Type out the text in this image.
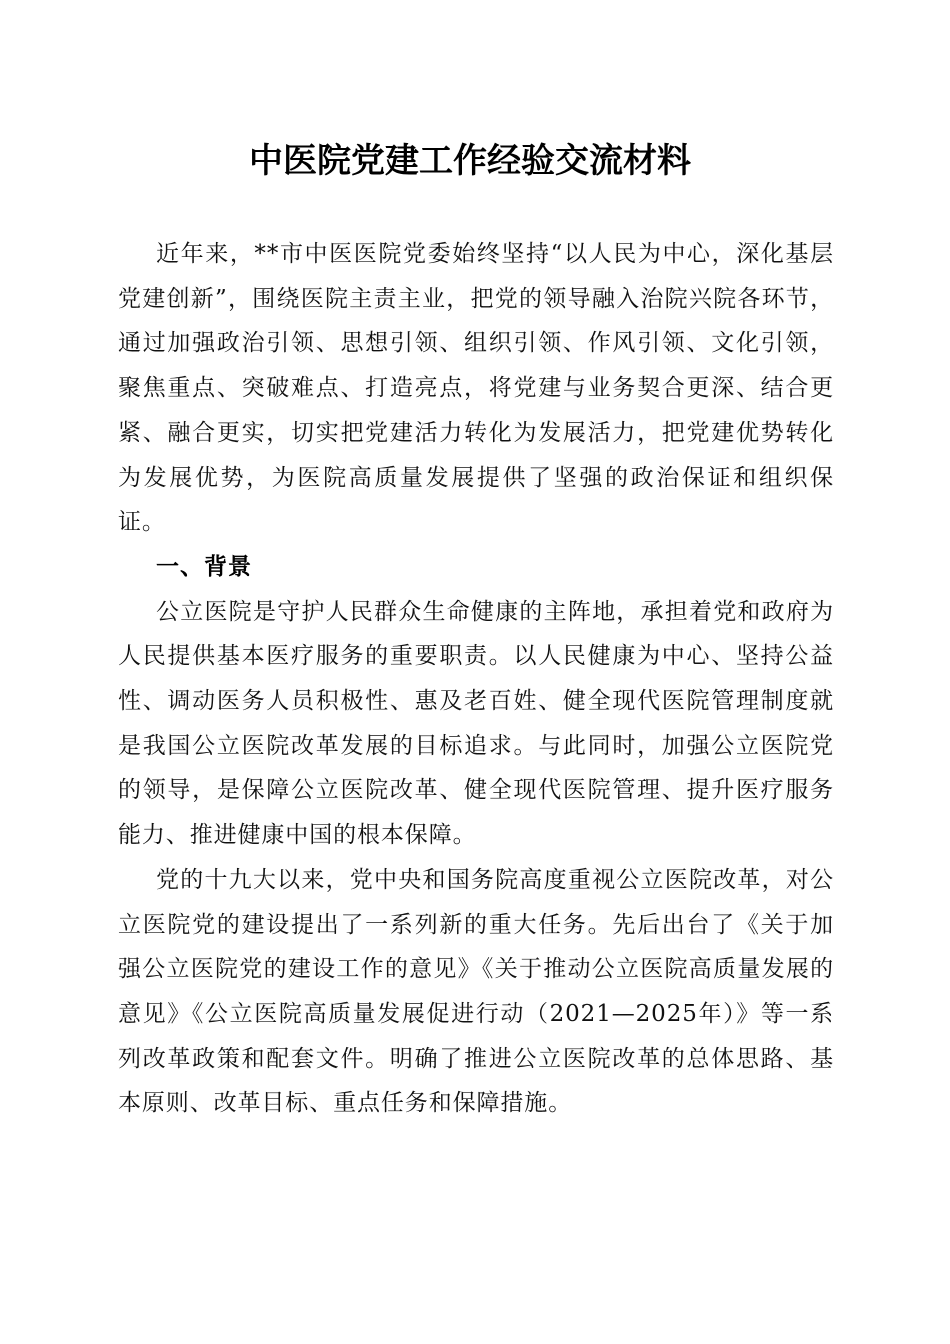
中医院党建工作经验交流材料

近年来，**市中医医院党委始终坚持“以人民为中心，深化基层党建创新”，围绕医院主责主业，把党的领导融入治院兴院各环节，通过加强政治引领、思想引领、组织引领、作风引领、文化引领，聚焦重点、突破难点、打造亮点，将党建与业务契合更深、结合更紧、融合更实，切实把党建活力转化为发展活力，把党建优势转化为发展优势，为医院高质量发展提供了坚强的政治保证和组织保证。

一、背景

公立医院是守护人民群众生命健康的主阵地，承担着党和政府为人民提供基本医疗服务的重要职责。以人民健康为中心、坚持公益性、调动医务人员积极性、惠及老百姓、健全现代医院管理制度就是我国公立医院改革发展的目标追求。与此同时，加强公立医院党的领导，是保障公立医院改革、健全现代医院管理、提升医疗服务能力、推进健康中国的根本保障。

党的十九大以来，党中央和国务院高度重视公立医院改革，对公立医院党的建设提出了一系列新的重大任务。先后出台了《关于加强公立医院党的建设工作的意见》《关于推动公立医院高质量发展的意见》《公立医院高质量发展促进行动（2021—2025年）》等一系列改革政策和配套文件。明确了推进公立医院改革的总体思路、基本原则、改革目标、重点任务和保障措施。
